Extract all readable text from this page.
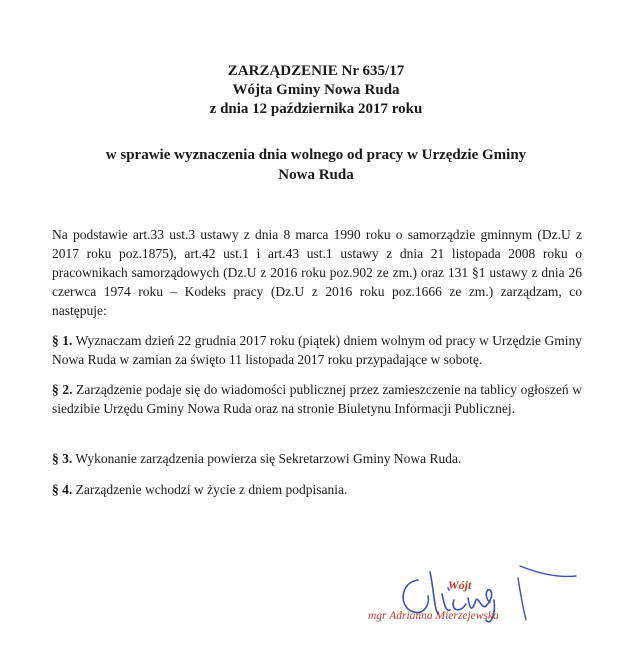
ZARZĄDZENIE Nr 635/17
Wójta Gminy Nowa Ruda
z dnia 12 października 2017 roku
w sprawie wyznaczenia dnia wolnego od pracy w Urzędzie Gminy
Nowa Ruda
Na podstawie art.33 ust.3 ustawy z dnia 8 marca 1990 roku o samorządzie gminnym (Dz.U z 2017 roku poz.1875), art.42 ust.1 i art.43 ust.1 ustawy z dnia 21 listopada 2008 roku o pracownikach samorządowych (Dz.U z 2016 roku poz.902 ze zm.) oraz 131 §1 ustawy z dnia 26 czerwca 1974 roku – Kodeks pracy (Dz.U z 2016 roku poz.1666 ze zm.) zarządzam, co następuje:
§ 1. Wyznaczam dzień 22 grudnia 2017 roku (piątek) dniem wolnym od pracy w Urzędzie Gminy Nowa Ruda w zamian za święto 11 listopada 2017 roku przypadające w sobotę.
§ 2. Zarządzenie podaje się do wiadomości publicznej przez zamieszczenie na tablicy ogłoszeń w siedzibie Urzędu Gminy Nowa Ruda oraz na stronie Biuletynu Informacji Publicznej.
§ 3. Wykonanie zarządzenia powierza się Sekretarzowi Gminy Nowa Ruda.
§ 4. Zarządzenie wchodzi w życie z dniem podpisania.
Wójt
mgr Adrianna Mierzejewska
